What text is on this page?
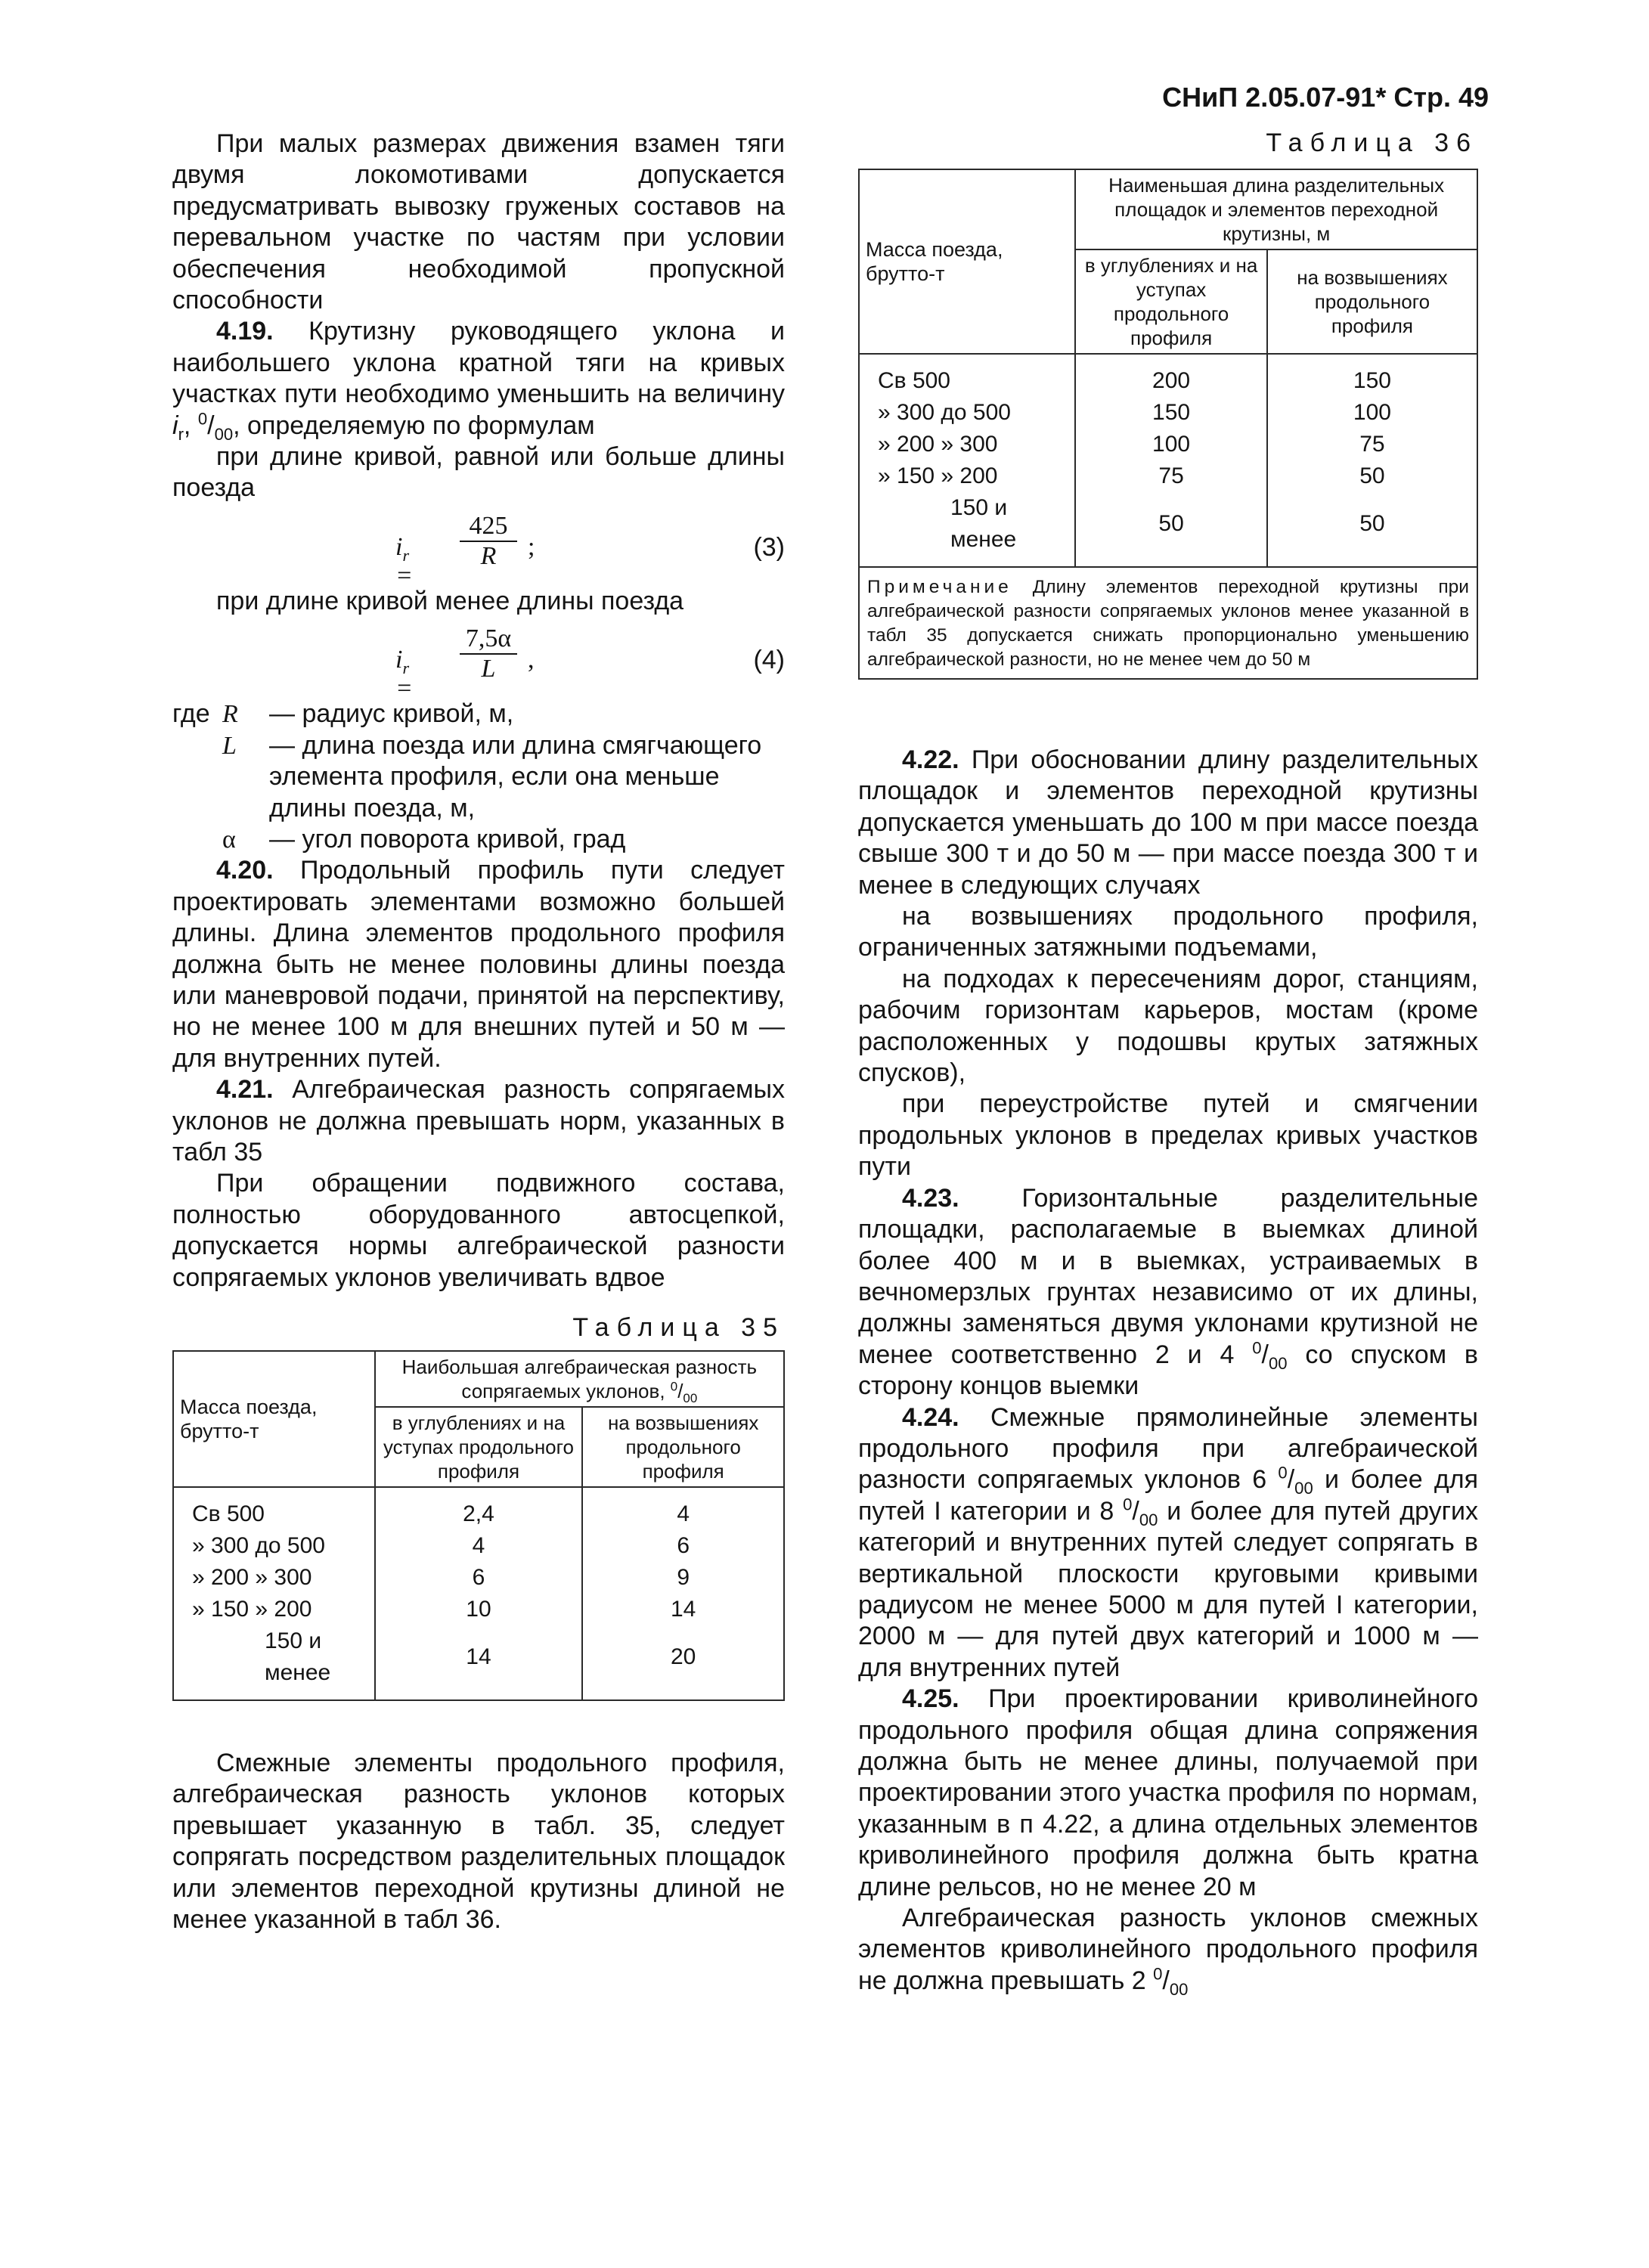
СНиП 2.05.07-91* Стр. 49

При малых размерах движения взамен тяги двумя локомотивами допускается предусматривать вывозку груженых составов на перевальном участке по частям при условии обеспечения необходимой пропускной способности

4.19. Крутизну руководящего уклона и наибольшего уклона кратной тяги на кривых участках пути необходимо уменьшить на величину $i_r$, $^0/_{00}$, определяемую по формулам

при длине кривой, равной или больше длины поезда

$i_r$ =
425
R	;	(3)

при длине кривой менее длины поезда

$i_r$ =
7,5α
L	,	(4)
где R — радиус кривой, м,
L — длина поезда или длина смягчающего элемента профиля, если она меньше длины поезда, м,
α — угол поворота кривой, град

4.20. Продольный профиль пути следует проектировать элементами возможно большей длины. Длина элементов продольного профиля должна быть не менее половины длины поезда или маневровой подачи, принятой на перспективу, но не менее 100 м для внешних путей и 50 м — для внутренних путей.

4.21. Алгебраическая разность сопрягаемых уклонов не должна превышать норм, указанных в табл 35

При обращении подвижного состава, полностью оборудованного автосцепкой, допускается нормы алгебраической разности сопрягаемых уклонов увеличивать вдвое

Таблица 35
Масса поезда, брутто-т	Наибольшая алгебраическая разность сопрягаемых уклонов, $^0/_{00}$
	в углублениях и на уступах продольного профиля	на возвышениях продольного профиля
Св 500	2,4	4
» 300 до 500	4	6
» 200 » 300	6	9
» 150 » 200	10	14
150 и менее	14	20

Смежные элементы продольного профиля, алгебраическая разность уклонов которых превышает указанную в табл. 35, следует сопрягать посредством разделительных площадок или элементов переходной крутизны длиной не менее указанной в табл 36.

Таблица 36
Масса поезда, брутто-т	Наименьшая длина разделительных площадок и элементов переходной крутизны, м	
	в углублениях и на уступах продольного профиля	на возвышениях продольного профиля
Св 500	200	150
» 300 до 500	150	100
» 200 » 300	100	75
» 150 » 200	75	50
150 и менее	50	50
Примечание Длину элементов переходной крутизны при алгебраической разности сопрягаемых уклонов менее указанной в табл 35 допускается снижать пропорционально уменьшению алгебраической разности, но не менее чем до 50 м

4.22. При обосновании длину разделительных площадок и элементов переходной крутизны допускается уменьшать до 100 м при массе поезда свыше 300 т и до 50 м — при массе поезда 300 т и менее в следующих случаях

на возвышениях продольного профиля, ограниченных затяжными подъемами,

на подходах к пересечениям дорог, станциям, рабочим горизонтам карьеров, мостам (кроме расположенных у подошвы крутых затяжных спусков),

при переустройстве путей и смягчении продольных уклонов в пределах кривых участков пути

4.23. Горизонтальные разделительные площадки, располагаемые в выемках длиной более 400 м и в выемках, устраиваемых в вечномерзлых грунтах независимо от их длины, должны заменяться двумя уклонами крутизной не менее соответственно 2 и 4 $^0/_{00}$ со спуском в сторону концов выемки

4.24. Смежные прямолинейные элементы продольного профиля при алгебраической разности сопрягаемых уклонов 6 $^0/_{00}$ и более для путей I категории и 8 $^0/_{00}$ и более для путей других категорий и внутренних путей следует сопрягать в вертикальной плоскости круговыми кривыми радиусом не менее 5000 м для путей I категории, 2000 м — для путей двух категорий и 1000 м — для внутренних путей

4.25. При проектировании криволинейного продольного профиля общая длина сопряжения должна быть не менее длины, получаемой при проектировании этого участка профиля по нормам, указанным в п 4.22, а длина отдельных элементов криволинейного профиля должна быть кратна длине рельсов, но не менее 20 м

Алгебраическая разность уклонов смежных элементов криволинейного продольного профиля не должна превышать 2 $^0/_{00}$
